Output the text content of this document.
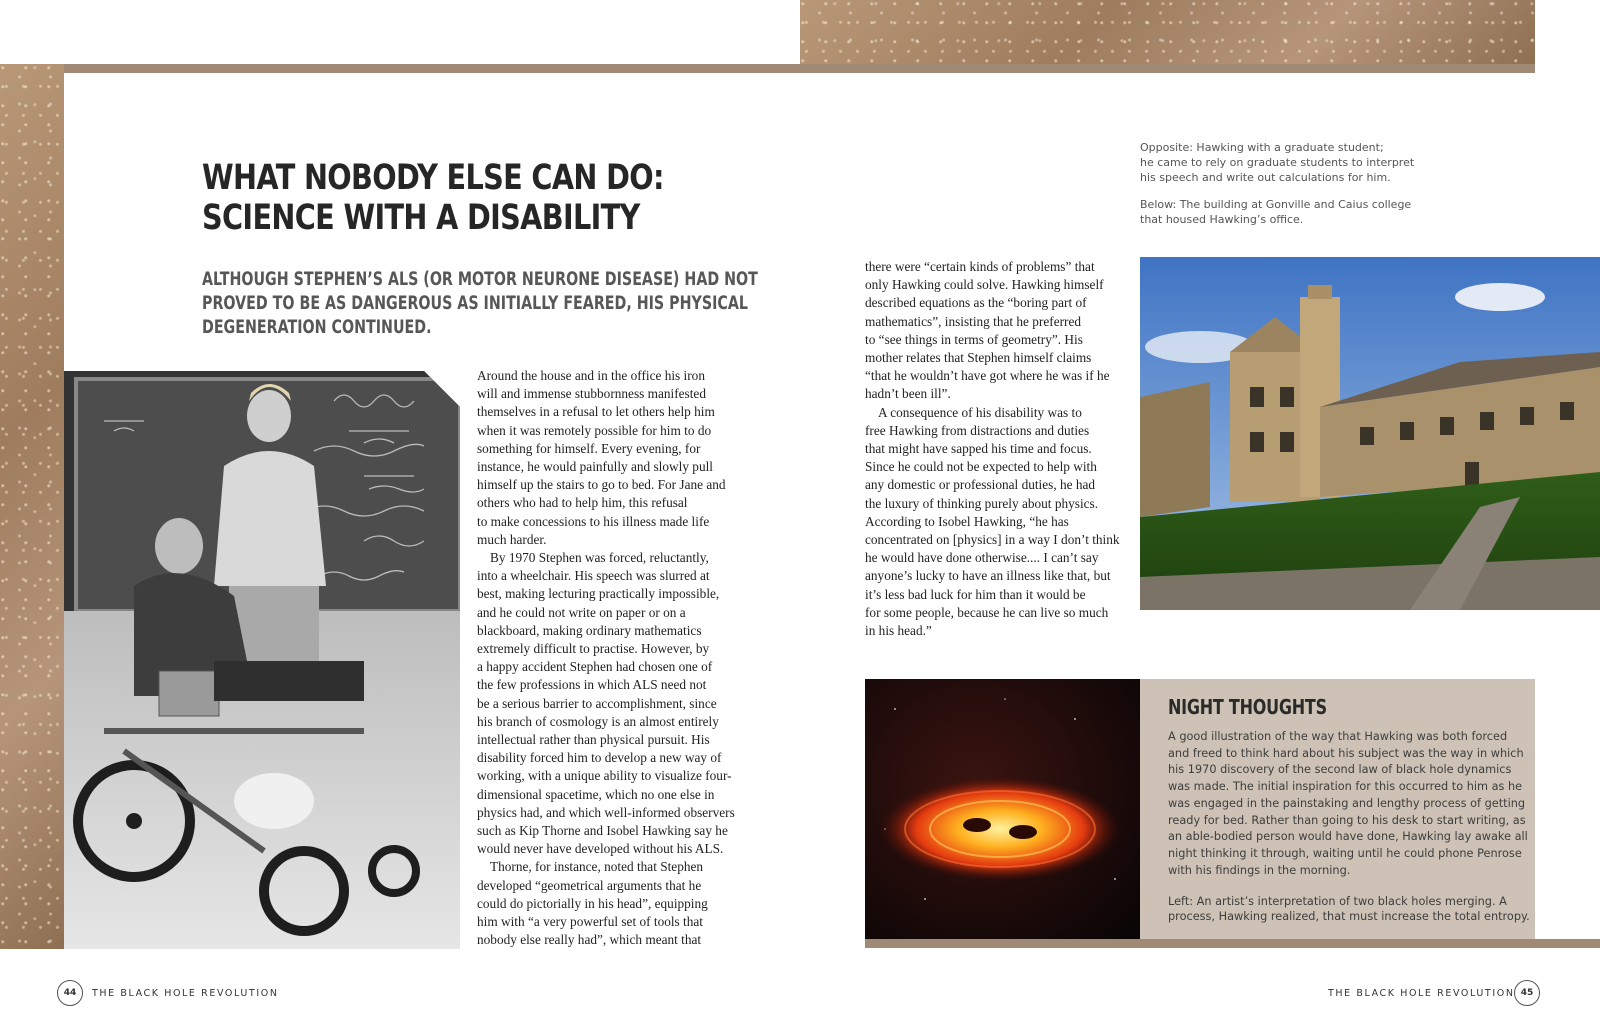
WHAT NOBODY ELSE CAN DO:
SCIENCE WITH A DISABILITY

ALTHOUGH STEPHEN’S ALS (OR MOTOR NEURONE DISEASE) HAD NOT
PROVED TO BE AS DANGEROUS AS INITIALLY FEARED, HIS PHYSICAL
DEGENERATION CONTINUED.

Around the house and in the office his iron
will and immense stubbornness manifested
themselves in a refusal to let others help him
when it was remotely possible for him to do
something for himself. Every evening, for
instance, he would painfully and slowly pull
himself up the stairs to go to bed. For Jane and
others who had to help him, this refusal
to make concessions to his illness made life
much harder.
By 1970 Stephen was forced, reluctantly,
into a wheelchair. His speech was slurred at
best, making lecturing practically impossible,
and he could not write on paper or on a
blackboard, making ordinary mathematics
extremely difficult to practise. However, by
a happy accident Stephen had chosen one of
the few professions in which ALS need not
be a serious barrier to accomplishment, since
his branch of cosmology is an almost entirely
intellectual rather than physical pursuit. His
disability forced him to develop a new way of
working, with a unique ability to visualize four-
dimensional spacetime, which no one else in
physics had, and which well-informed observers
such as Kip Thorne and Isobel Hawking say he
would never have developed without his ALS.
Thorne, for instance, noted that Stephen
developed “geometrical arguments that he
could do pictorially in his head”, equipping
him with “a very powerful set of tools that
nobody else really had”, which meant that
there were “certain kinds of problems” that
only Hawking could solve. Hawking himself
described equations as the “boring part of
mathematics”, insisting that he preferred
to “see things in terms of geometry”. His
mother relates that Stephen himself claims
“that he wouldn’t have got where he was if he
hadn’t been ill”.
A consequence of his disability was to
free Hawking from distractions and duties
that might have sapped his time and focus.
Since he could not be expected to help with
any domestic or professional duties, he had
the luxury of thinking purely about physics.
According to Isobel Hawking, “he has
concentrated on [physics] in a way I don’t think
he would have done otherwise.... I can’t say
anyone’s lucky to have an illness like that, but
it’s less bad luck for him than it would be
for some people, because he can live so much
in his head.”
Opposite: Hawking with a graduate student;
he came to rely on graduate students to interpret
his speech and write out calculations for him.
Below: The building at Gonville and Caius college
that housed Hawking’s office.
NIGHT THOUGHTS
A good illustration of the way that Hawking was both forced
and freed to think hard about his subject was the way in which
his 1970 discovery of the second law of black hole dynamics
was made. The initial inspiration for this occurred to him as he
was engaged in the painstaking and lengthy process of getting
ready for bed. Rather than going to his desk to start writing, as
an able-bodied person would have done, Hawking lay awake all
night thinking it through, waiting until he could phone Penrose
with his findings in the morning.
Left: An artist’s interpretation of two black holes merging. A
process, Hawking realized, that must increase the total entropy.
44	THE BLACK HOLE REVOLUTION	THE BLACK HOLE REVOLUTION 45
